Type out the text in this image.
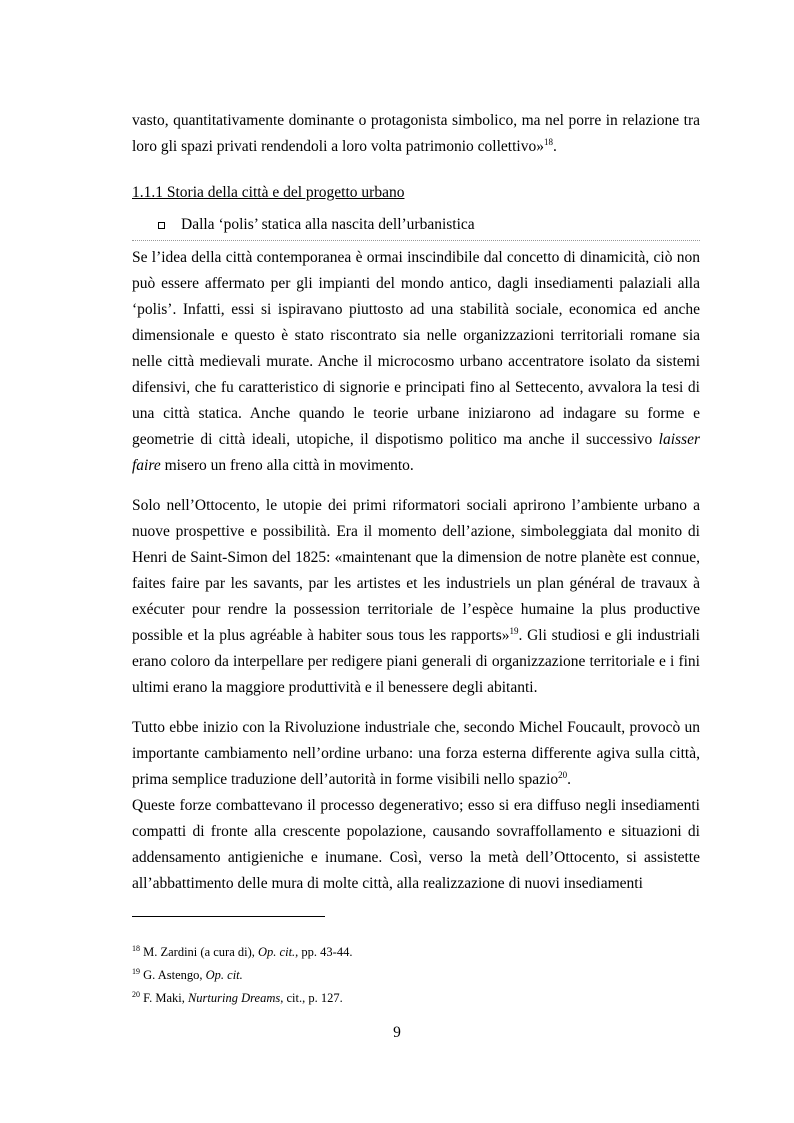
vasto, quantitativamente dominante o protagonista simbolico, ma nel porre in relazione tra loro gli spazi privati rendendoli a loro volta patrimonio collettivo»$^{18}$.

1.1.1 Storia della città e del progetto urbano
Dalla ‘polis’ statica alla nascita dell’urbanistica

Se l’idea della città contemporanea è ormai inscindibile dal concetto di dinamicità, ciò non può essere affermato per gli impianti del mondo antico, dagli insediamenti palaziali alla ‘polis’. Infatti, essi si ispiravano piuttosto ad una stabilità sociale, economica ed anche dimensionale e questo è stato riscontrato sia nelle organizzazioni territoriali romane sia nelle città medievali murate. Anche il microcosmo urbano accentratore isolato da sistemi difensivi, che fu caratteristico di signorie e principati fino al Settecento, avvalora la tesi di una città statica. Anche quando le teorie urbane iniziarono ad indagare su forme e geometrie di città ideali, utopiche, il dispotismo politico ma anche il successivo laisser faire misero un freno alla città in movimento.

Solo nell’Ottocento, le utopie dei primi riformatori sociali aprirono l’ambiente urbano a nuove prospettive e possibilità. Era il momento dell’azione, simboleggiata dal monito di Henri de Saint-Simon del 1825: «maintenant que la dimension de notre planète est connue, faites faire par les savants, par les artistes et les industriels un plan général de travaux à exécuter pour rendre la possession territoriale de l’espèce humaine la plus productive possible et la plus agréable à habiter sous tous les rapports»$^{19}$. Gli studiosi e gli industriali erano coloro da interpellare per redigere piani generali di organizzazione territoriale e i fini ultimi erano la maggiore produttività e il benessere degli abitanti.

Tutto ebbe inizio con la Rivoluzione industriale che, secondo Michel Foucault, provocò un importante cambiamento nell’ordine urbano: una forza esterna differente agiva sulla città, prima semplice traduzione dell’autorità in forme visibili nello spazio$^{20}$.

Queste forze combattevano il processo degenerativo; esso si era diffuso negli insediamenti compatti di fronte alla crescente popolazione, causando sovraffollamento e situazioni di addensamento antigieniche e inumane. Così, verso la metà dell’Ottocento, si assistette all’abbattimento delle mura di molte città, alla realizzazione di nuovi insediamenti

$^{18}$ M. Zardini (a cura di), Op. cit., pp. 43-44.
$^{19}$ G. Astengo, Op. cit.
$^{20}$ F. Maki, Nurturing Dreams, cit., p. 127.
9
